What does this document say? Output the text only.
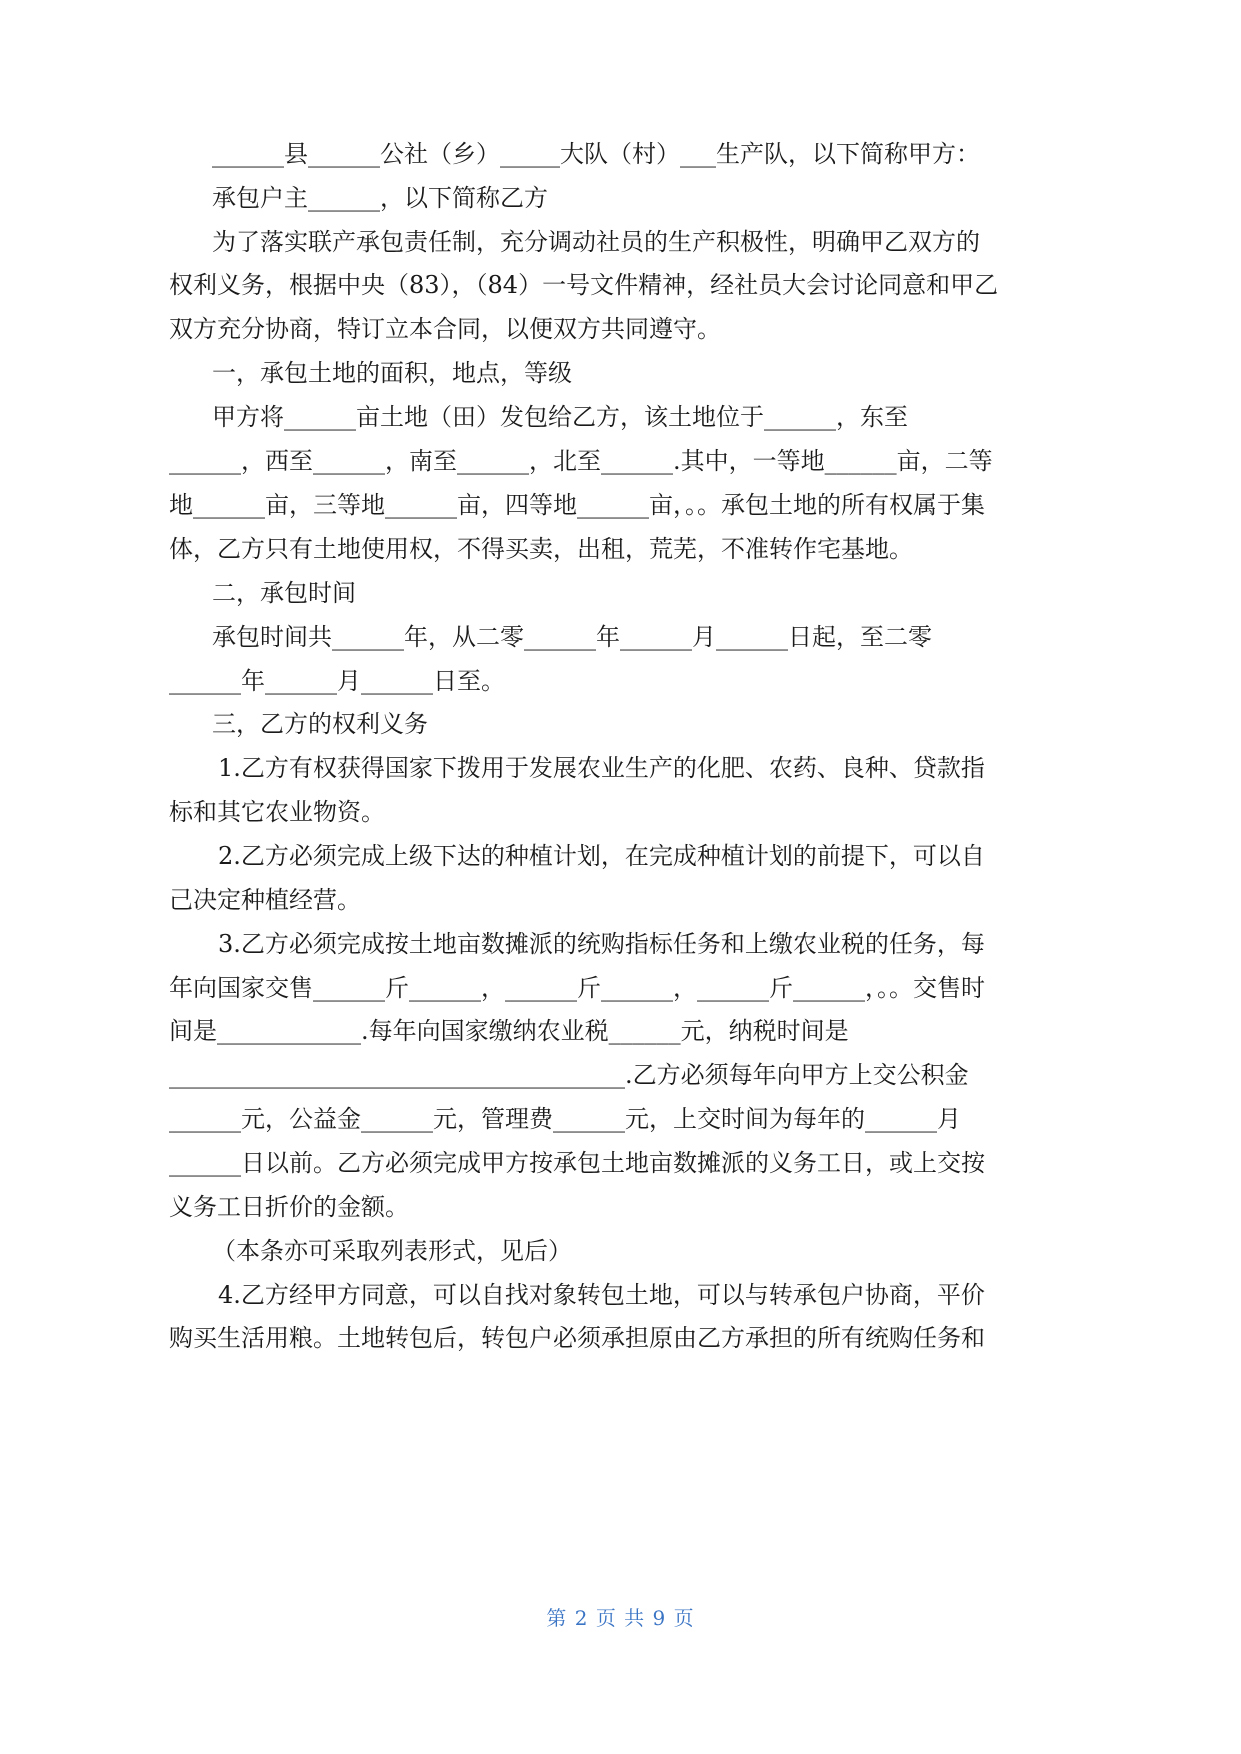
______县______公社（乡）_____大队（村）___生产队，以下简称甲方：
承包户主______，以下简称乙方
为了落实联产承包责任制，充分调动社员的生产积极性，明确甲乙双方的
权利义务，根据中央（83），（84）一号文件精神，经社员大会讨论同意和甲乙
双方充分协商，特订立本合同，以便双方共同遵守。
一，承包土地的面积，地点，等级
甲方将______亩土地（田）发包给乙方，该土地位于______，东至
______，西至______，南至______，北至______.其中，一等地______亩，二等
地______亩，三等地______亩，四等地______亩，。。承包土地的所有权属于集
体，乙方只有土地使用权，不得买卖，出租，荒芜，不准转作宅基地。
二，承包时间
承包时间共______年，从二零______年______月______日起，至二零
______年______月______日至。
三，乙方的权利义务
1.乙方有权获得国家下拨用于发展农业生产的化肥、农药、良种、贷款指
标和其它农业物资。
2.乙方必须完成上级下达的种植计划，在完成种植计划的前提下，可以自
己决定种植经营。
3.乙方必须完成按土地亩数摊派的统购指标任务和上缴农业税的任务，每
年向国家交售______斤______，______斤______，______斤______，。。交售时
间是____________.每年向国家缴纳农业税______元，纳税时间是
______________________________________.乙方必须每年向甲方上交公积金
______元，公益金______元，管理费______元，上交时间为每年的______月
______日以前。乙方必须完成甲方按承包土地亩数摊派的义务工日，或上交按
义务工日折价的金额。
（本条亦可采取列表形式，见后）
4.乙方经甲方同意，可以自找对象转包土地，可以与转承包户协商，平价
购买生活用粮。土地转包后，转包户必须承担原由乙方承担的所有统购任务和
第 2 页 共 9 页
